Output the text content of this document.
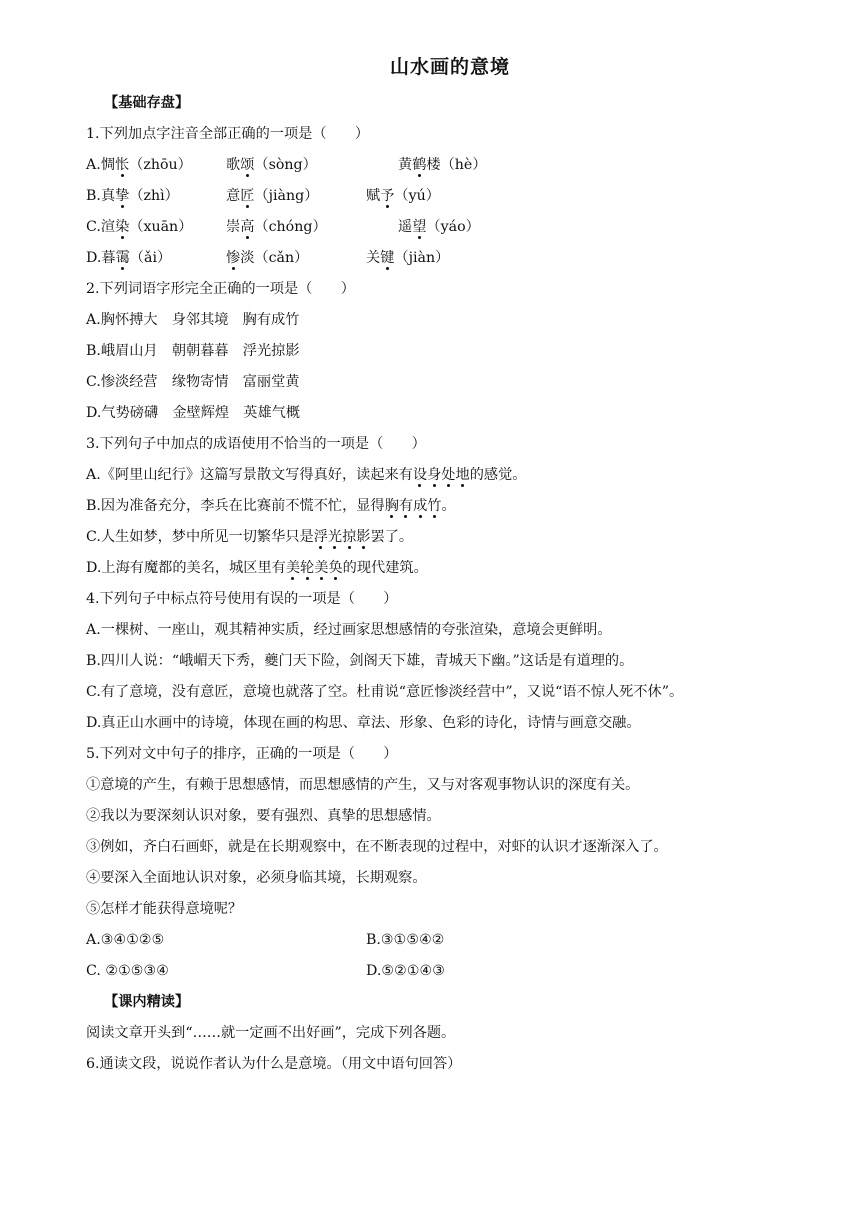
山水画的意境
【基础存盘】
1.下列加点字注音全部正确的一项是（　　）
A.惆怅（zhōu） 歌颂（sòng）	黄鹤楼（hè）
B.真挚（zhì）	意匠（jiàng）	赋予（yú）
C.渲染（xuān） 崇高（chóng）	遥望（yáo）
D.暮霭（ǎi）	惨淡（cǎn）	关键（jiàn）
2.下列词语字形完全正确的一项是（　　）
A.胸怀搏大　身邻其境　胸有成竹
B.峨眉山月　朝朝暮暮　浮光掠影
C.惨淡经营　缘物寄情　富丽堂黄
D.气势磅礴　金壁辉煌　英雄气概
3.下列句子中加点的成语使用不恰当的一项是（　　）
A.《阿里山纪行》这篇写景散文写得真好，读起来有设身处地的感觉。
B.因为准备充分，李兵在比赛前不慌不忙，显得胸有成竹。
C.人生如梦，梦中所见一切繁华只是浮光掠影罢了。
D.上海有魔都的美名，城区里有美轮美奂的现代建筑。
4.下列句子中标点符号使用有误的一项是（　　）
A.一棵树、一座山，观其精神实质，经过画家思想感情的夸张渲染，意境会更鲜明。
B.四川人说：“峨嵋天下秀，夔门天下险，剑阁天下雄，青城天下幽。”这话是有道理的。
C.有了意境，没有意匠，意境也就落了空。杜甫说“意匠惨淡经营中”，又说“语不惊人死不休”。
D.真正山水画中的诗境，体现在画的构思、章法、形象、色彩的诗化，诗情与画意交融。
5.下列对文中句子的排序，正确的一项是（　　）
①意境的产生，有赖于思想感情，而思想感情的产生，又与对客观事物认识的深度有关。
②我以为要深刻认识对象，要有强烈、真挚的思想感情。
③例如，齐白石画虾，就是在长期观察中，在不断表现的过程中，对虾的认识才逐渐深入了。
④要深入全面地认识对象，必须身临其境，长期观察。
⑤怎样才能获得意境呢？
A.③④①②⑤	B.③①⑤④②
C. ②①⑤③④	D.⑤②①④③
【课内精读】
阅读文章开头到“……就一定画不出好画”，完成下列各题。
6.通读文段，说说作者认为什么是意境。（用文中语句回答）
